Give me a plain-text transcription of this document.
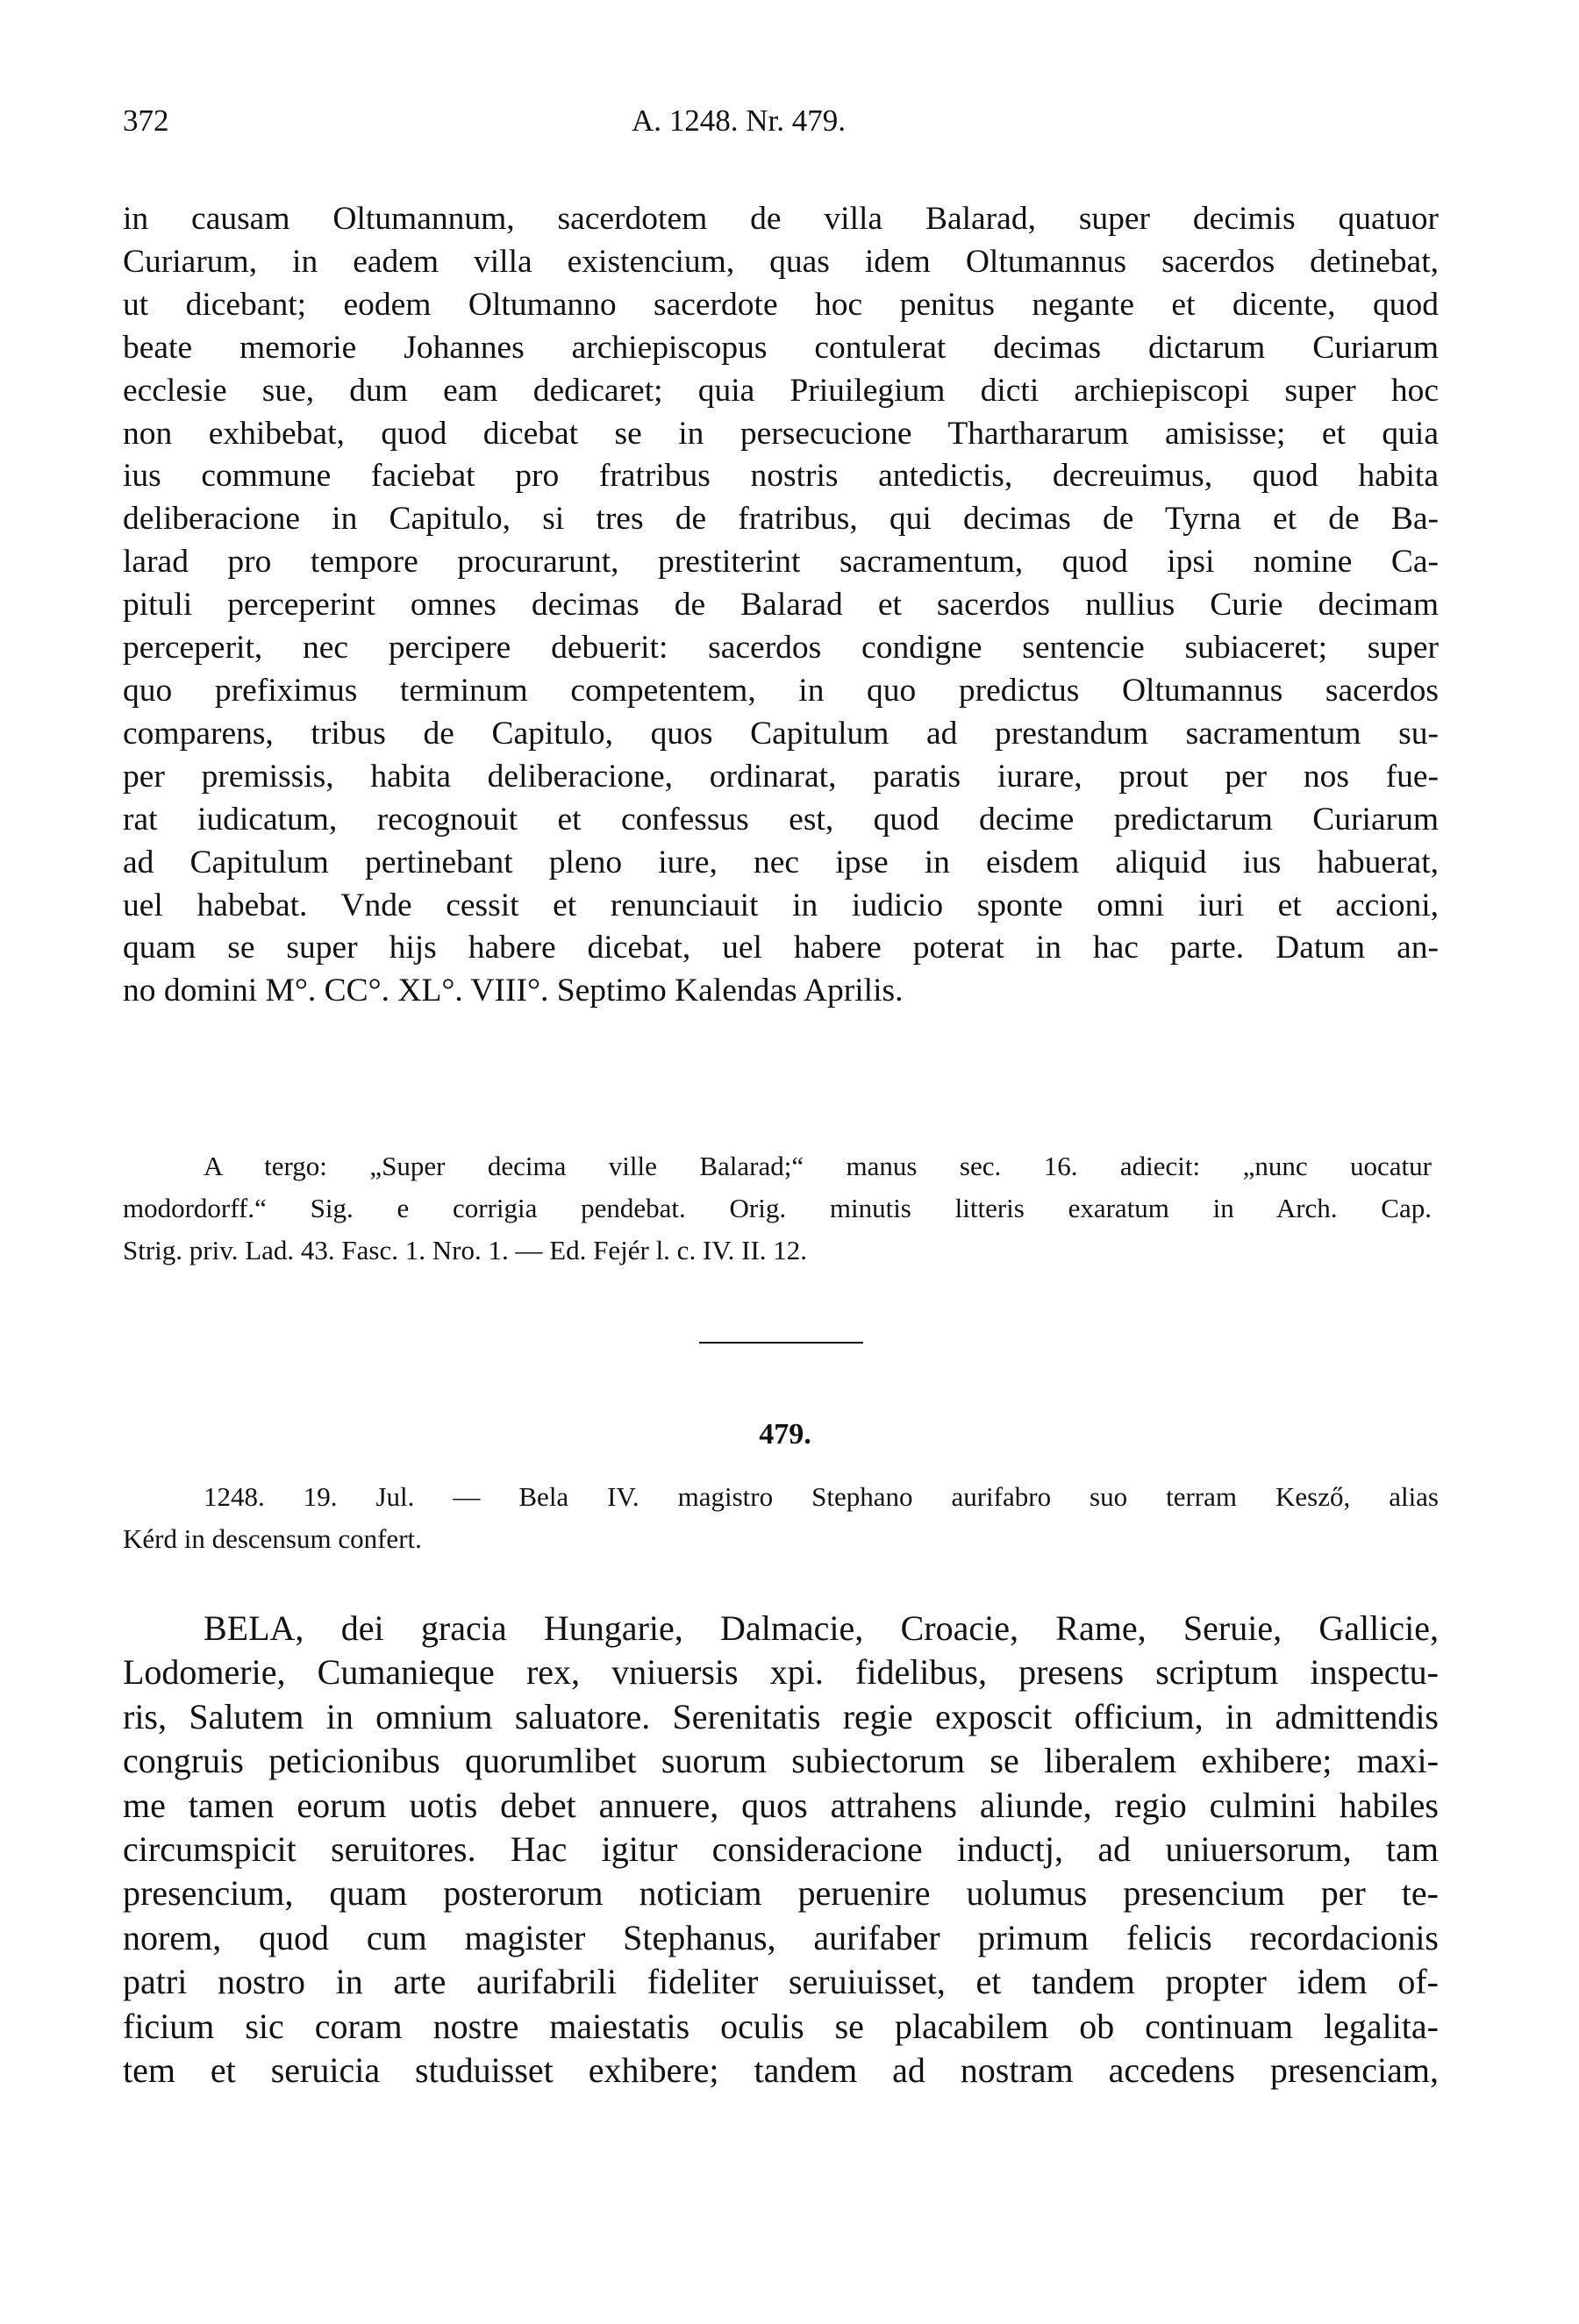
372	A. 1248. Nr. 479.
in causam Oltumannum, sacerdotem de villa Balarad, super decimis quatuor
Curiarum, in eadem villa existencium, quas idem Oltumannus sacerdos detinebat,
ut dicebant; eodem Oltumanno sacerdote hoc penitus negante et dicente, quod
beate memorie Johannes archiepiscopus contulerat decimas dictarum Curiarum
ecclesie sue, dum eam dedicaret; quia Priuilegium dicti archiepiscopi super hoc
non exhibebat, quod dicebat se in persecucione Tharthararum amisisse; et quia
ius commune faciebat pro fratribus nostris antedictis, decreuimus, quod habita
deliberacione in Capitulo, si tres de fratribus, qui decimas de Tyrna et de Ba-
larad pro tempore procurarunt, prestiterint sacramentum, quod ipsi nomine Ca-
pituli perceperint omnes decimas de Balarad et sacerdos nullius Curie decimam
perceperit, nec percipere debuerit: sacerdos condigne sentencie subiaceret; super
quo prefiximus terminum competentem, in quo predictus Oltumannus sacerdos
comparens, tribus de Capitulo, quos Capitulum ad prestandum sacramentum su-
per premissis, habita deliberacione, ordinarat, paratis iurare, prout per nos fue-
rat iudicatum, recognouit et confessus est, quod decime predictarum Curiarum
ad Capitulum pertinebant pleno iure, nec ipse in eisdem aliquid ius habuerat,
uel habebat. Vnde cessit et renunciauit in iudicio sponte omni iuri et accioni,
quam se super hijs habere dicebat, uel habere poterat in hac parte. Datum an-
no domini M°. CC°. XL°. VIII°. Septimo Kalendas Aprilis.
A tergo: „Super decima ville Balarad;“ manus sec. 16. adiecit: „nunc uocatur
modordorff.“ Sig. e corrigia pendebat. Orig. minutis litteris exaratum in Arch. Cap.
Strig. priv. Lad. 43. Fasc. 1. Nro. 1. — Ed. Fejér l. c. IV. II. 12.
479.
1248. 19. Jul. — Bela IV. magistro Stephano aurifabro suo terram Kesző, alias
Kérd in descensum confert.
BELA, dei gracia Hungarie, Dalmacie, Croacie, Rame, Seruie, Gallicie,
Lodomerie, Cumanieque rex, vniuersis xpi. fidelibus, presens scriptum inspectu-
ris, Salutem in omnium saluatore. Serenitatis regie exposcit officium, in admittendis
congruis peticionibus quorumlibet suorum subiectorum se liberalem exhibere; maxi-
me tamen eorum uotis debet annuere, quos attrahens aliunde, regio culmini habiles
circumspicit seruitores. Hac igitur consideracione inductj, ad uniuersorum, tam
presencium, quam posterorum noticiam peruenire uolumus presencium per te-
norem, quod cum magister Stephanus, aurifaber primum felicis recordacionis
patri nostro in arte aurifabrili fideliter seruiuisset, et tandem propter idem of-
ficium sic coram nostre maiestatis oculis se placabilem ob continuam legalita-
tem et seruicia studuisset exhibere; tandem ad nostram accedens presenciam,
